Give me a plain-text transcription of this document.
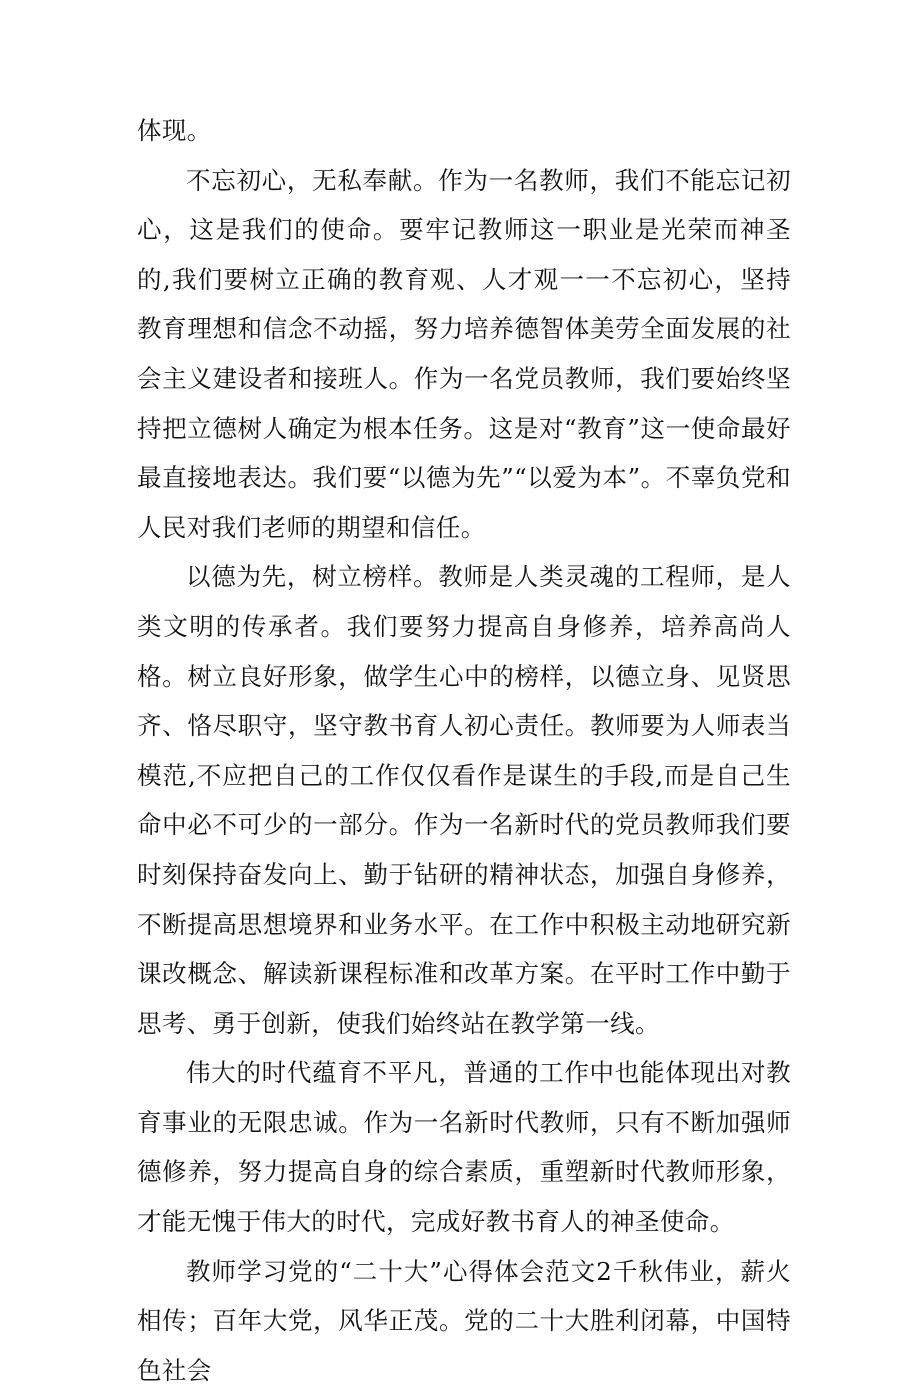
体现。

不忘初心，无私奉献。作为一名教师，我们不能忘记初心，这是我们的使命。要牢记教师这一职业是光荣而神圣的,我们要树立正确的教育观、人才观一一不忘初心，坚持教育理想和信念不动摇，努力培养德智体美劳全面发展的社会主义建设者和接班人。作为一名党员教师，我们要始终坚持把立德树人确定为根本任务。这是对“教育”这一使命最好最直接地表达。我们要“以德为先”“以爱为本”。不辜负党和人民对我们老师的期望和信任。

以德为先，树立榜样。教师是人类灵魂的工程师，是人类文明的传承者。我们要努力提高自身修养，培养高尚人格。树立良好形象，做学生心中的榜样，以德立身、见贤思齐、恪尽职守，坚守教书育人初心责任。教师要为人师表当模范,不应把自己的工作仅仅看作是谋生的手段,而是自己生命中必不可少的一部分。作为一名新时代的党员教师我们要时刻保持奋发向上、勤于钻研的精神状态，加强自身修养，不断提高思想境界和业务水平。在工作中积极主动地研究新课改概念、解读新课程标准和改革方案。在平时工作中勤于思考、勇于创新，使我们始终站在教学第一线。

伟大的时代蕴育不平凡，普通的工作中也能体现出对教育事业的无限忠诚。作为一名新时代教师，只有不断加强师德修养，努力提高自身的综合素质，重塑新时代教师形象，才能无愧于伟大的时代，完成好教书育人的神圣使命。

教师学习党的“二十大”心得体会范文2千秋伟业，薪火相传；百年大党，风华正茂。党的二十大胜利闭幕，中国特色社会
